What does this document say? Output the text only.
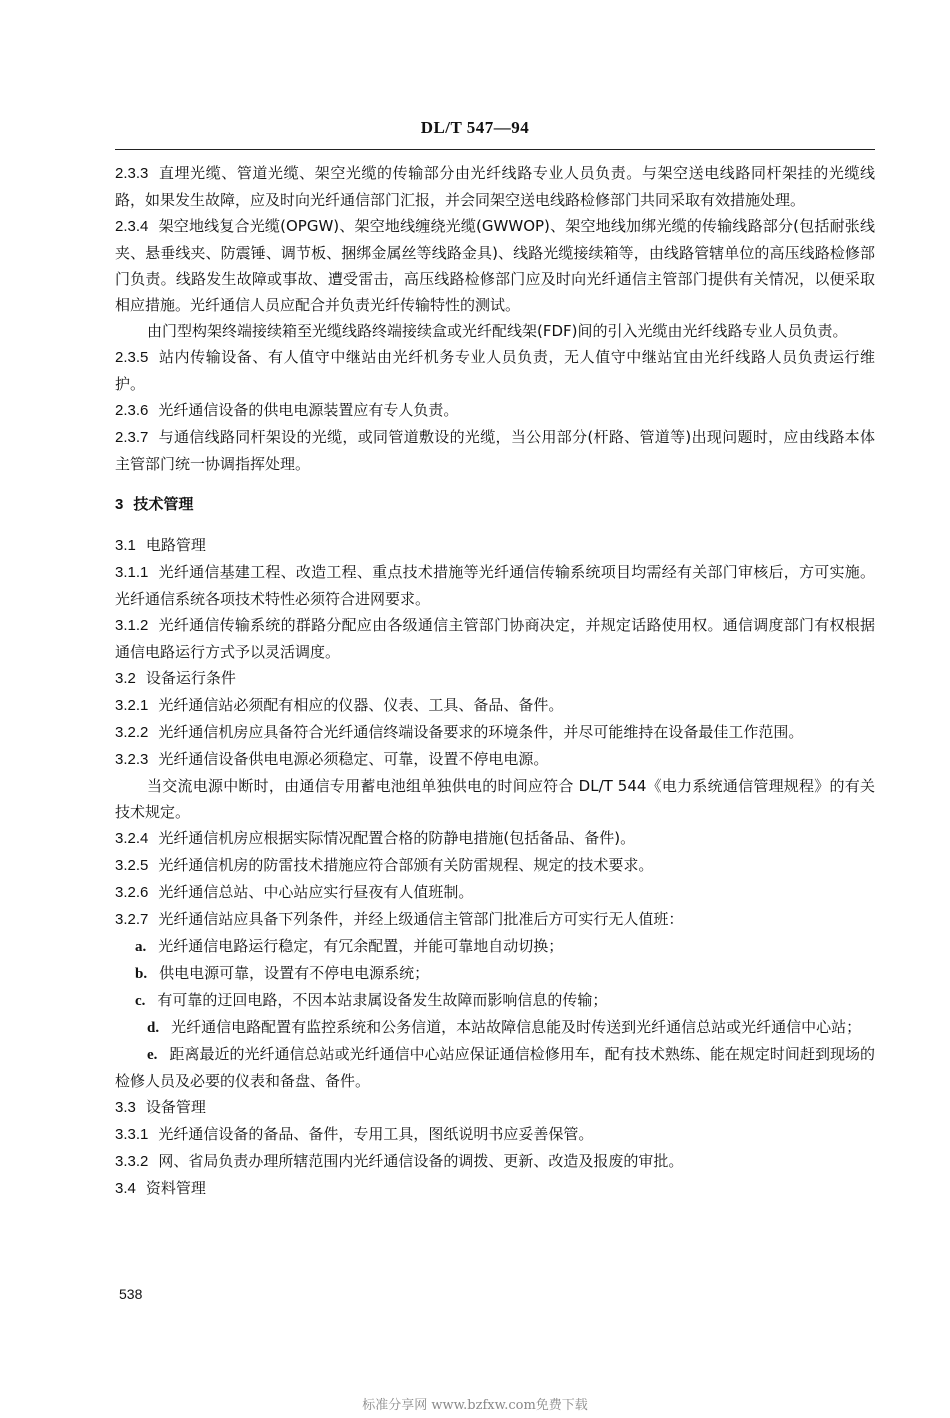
DL/T 547—94

2.3.3 直埋光缆、管道光缆、架空光缆的传输部分由光纤线路专业人员负责。与架空送电线路同杆架挂的光缆线路，如果发生故障，应及时向光纤通信部门汇报，并会同架空送电线路检修部门共同采取有效措施处理。

2.3.4 架空地线复合光缆(OPGW)、架空地线缠绕光缆(GWWOP)、架空地线加绑光缆的传输线路部分(包括耐张线夹、悬垂线夹、防震锤、调节板、捆绑金属丝等线路金具)、线路光缆接续箱等，由线路管辖单位的高压线路检修部门负责。线路发生故障或事故、遭受雷击，高压线路检修部门应及时向光纤通信主管部门提供有关情况，以便采取相应措施。光纤通信人员应配合并负责光纤传输特性的测试。

由门型构架终端接续箱至光缆线路终端接续盒或光纤配线架(FDF)间的引入光缆由光纤线路专业人员负责。

2.3.5 站内传输设备、有人值守中继站由光纤机务专业人员负责，无人值守中继站宜由光纤线路人员负责运行维护。

2.3.6 光纤通信设备的供电电源装置应有专人负责。

2.3.7 与通信线路同杆架设的光缆，或同管道敷设的光缆，当公用部分(杆路、管道等)出现问题时，应由线路本体主管部门统一协调指挥处理。

3 技术管理

3.1 电路管理

3.1.1 光纤通信基建工程、改造工程、重点技术措施等光纤通信传输系统项目均需经有关部门审核后，方可实施。光纤通信系统各项技术特性必须符合进网要求。

3.1.2 光纤通信传输系统的群路分配应由各级通信主管部门协商决定，并规定话路使用权。通信调度部门有权根据通信电路运行方式予以灵活调度。

3.2 设备运行条件

3.2.1 光纤通信站必须配有相应的仪器、仪表、工具、备品、备件。

3.2.2 光纤通信机房应具备符合光纤通信终端设备要求的环境条件，并尽可能维持在设备最佳工作范围。

3.2.3 光纤通信设备供电电源必须稳定、可靠，设置不停电电源。

当交流电源中断时，由通信专用蓄电池组单独供电的时间应符合 DL/T 544《电力系统通信管理规程》的有关技术规定。

3.2.4 光纤通信机房应根据实际情况配置合格的防静电措施(包括备品、备件)。

3.2.5 光纤通信机房的防雷技术措施应符合部颁有关防雷规程、规定的技术要求。

3.2.6 光纤通信总站、中心站应实行昼夜有人值班制。

3.2.7 光纤通信站应具备下列条件，并经上级通信主管部门批准后方可实行无人值班：

a. 光纤通信电路运行稳定，有冗余配置，并能可靠地自动切换；

b. 供电电源可靠，设置有不停电电源系统；

c. 有可靠的迂回电路，不因本站隶属设备发生故障而影响信息的传输；

d. 光纤通信电路配置有监控系统和公务信道，本站故障信息能及时传送到光纤通信总站或光纤通信中心站；

e. 距离最近的光纤通信总站或光纤通信中心站应保证通信检修用车，配有技术熟练、能在规定时间赶到现场的检修人员及必要的仪表和备盘、备件。

3.3 设备管理

3.3.1 光纤通信设备的备品、备件，专用工具，图纸说明书应妥善保管。

3.3.2 网、省局负责办理所辖范围内光纤通信设备的调拨、更新、改造及报废的审批。

3.4 资料管理

538
标准分享网 www.bzfxw.com免费下载
